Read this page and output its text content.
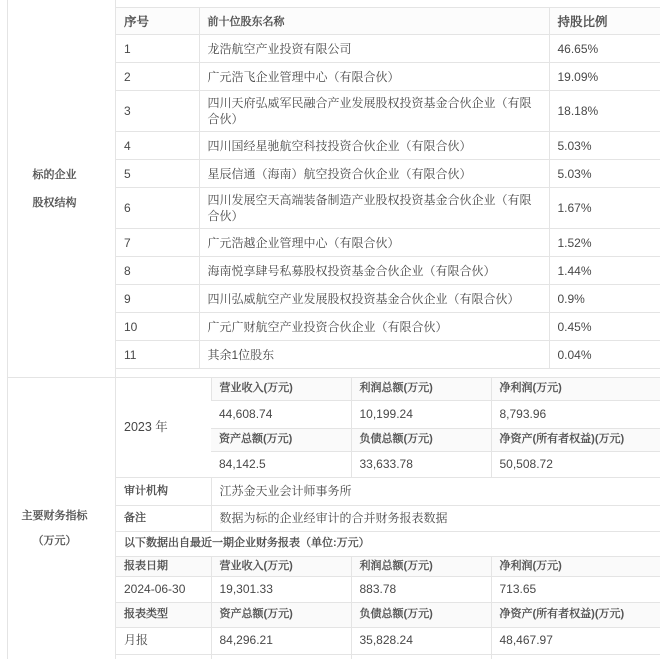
标的企业
股权结构
序号	前十位股东名称	持股比例
1	龙浩航空产业投资有限公司	46.65%
2	广元浩飞企业管理中心（有限合伙）	19.09%
3	四川天府弘威军民融合产业发展股权投资基金合伙企业（有限合伙）	18.18%
4	四川国经星驰航空科技投资合伙企业（有限合伙）	5.03%
5	星辰信通（海南）航空投资合伙企业（有限合伙）	5.03%
6	四川发展空天高端装备制造产业股权投资基金合伙企业（有限合伙）	1.67%
7	广元浩越企业管理中心（有限合伙）	1.52%
8	海南悦享肆号私募股权投资基金合伙企业（有限合伙）	1.44%
9	四川弘威航空产业发展股权投资基金合伙企业（有限合伙）	0.9%
10	广元广财航空产业投资合伙企业（有限合伙）	0.45%
11	其余1位股东	0.04%
主要财务指标
（万元）
2023 年	营业收入(万元)	利润总额(万元)	净利润(万元)
	44,608.74	10,199.24	8,793.96
	资产总额(万元)	负债总额(万元)	净资产(所有者权益)(万元)
	84,142.5	33,633.78	50,508.72
审计机构	江苏金天业会计师事务所		
备注	数据为标的企业经审计的合并财务报表数据		
以下数据出自最近一期企业财务报表（单位:万元）			
报表日期	营业收入(万元)	利润总额(万元)	净利润(万元)
2024-06-30	19,301.33	883.78	713.65
报表类型	资产总额(万元)	负债总额(万元)	净资产(所有者权益)(万元)
月报	84,296.21	35,828.24	48,467.97
